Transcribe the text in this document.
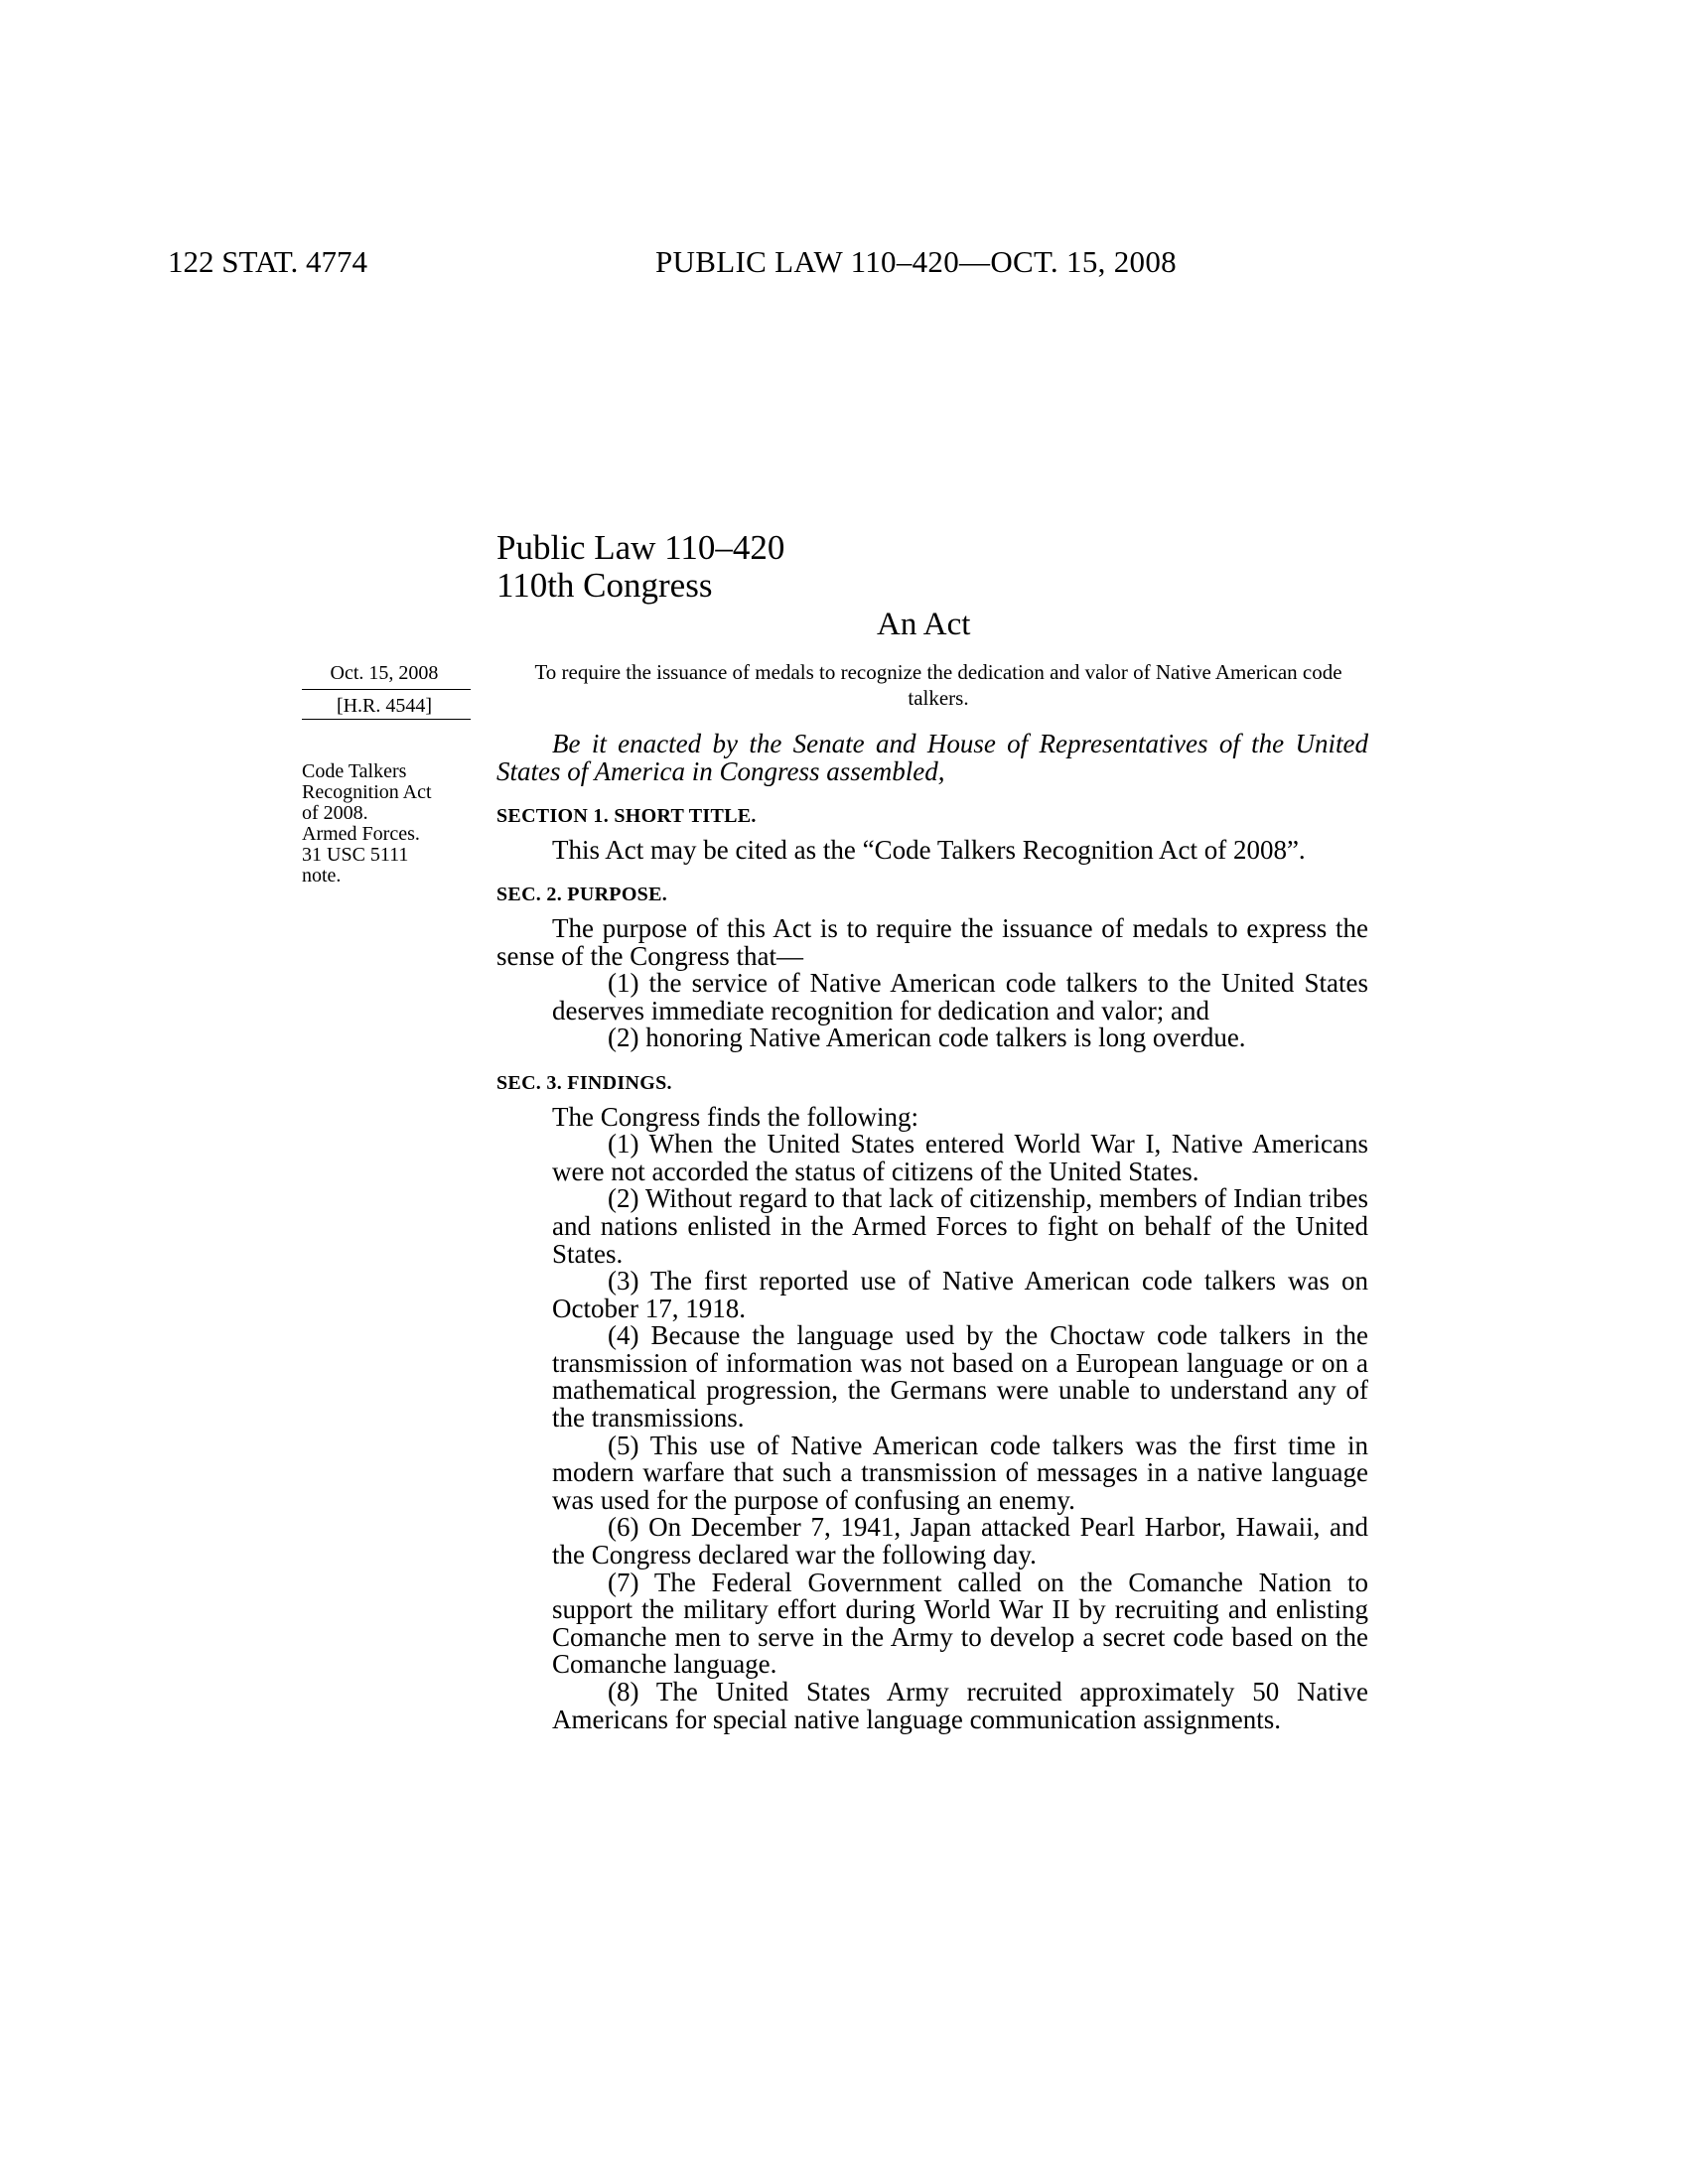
122 STAT. 4774	PUBLIC LAW 110–420—OCT. 15, 2008
Public Law 110–420
110th Congress
An Act
To require the issuance of medals to recognize the dedication and valor of Native American code talkers.
Oct. 15, 2008
[H.R. 4544]
Code Talkers
Recognition Act
of 2008.
Armed Forces.
31 USC 5111
note.

Be it enacted by the Senate and House of Representatives of the United States of America in Congress assembled,

SECTION 1. SHORT TITLE.

This Act may be cited as the “Code Talkers Recognition Act of 2008”.

SEC. 2. PURPOSE.

The purpose of this Act is to require the issuance of medals to express the sense of the Congress that—

(1) the service of Native American code talkers to the United States deserves immediate recognition for dedication and valor; and

(2) honoring Native American code talkers is long overdue.

SEC. 3. FINDINGS.

The Congress finds the following:

(1) When the United States entered World War I, Native Americans were not accorded the status of citizens of the United States.

(2) Without regard to that lack of citizenship, members of Indian tribes and nations enlisted in the Armed Forces to fight on behalf of the United States.

(3) The first reported use of Native American code talkers was on October 17, 1918.

(4) Because the language used by the Choctaw code talkers in the transmission of information was not based on a European language or on a mathematical progression, the Germans were unable to understand any of the transmissions.

(5) This use of Native American code talkers was the first time in modern warfare that such a transmission of messages in a native language was used for the purpose of confusing an enemy.

(6) On December 7, 1941, Japan attacked Pearl Harbor, Hawaii, and the Congress declared war the following day.

(7) The Federal Government called on the Comanche Nation to support the military effort during World War II by recruiting and enlisting Comanche men to serve in the Army to develop a secret code based on the Comanche language.

(8) The United States Army recruited approximately 50 Native Americans for special native language communication assignments.
